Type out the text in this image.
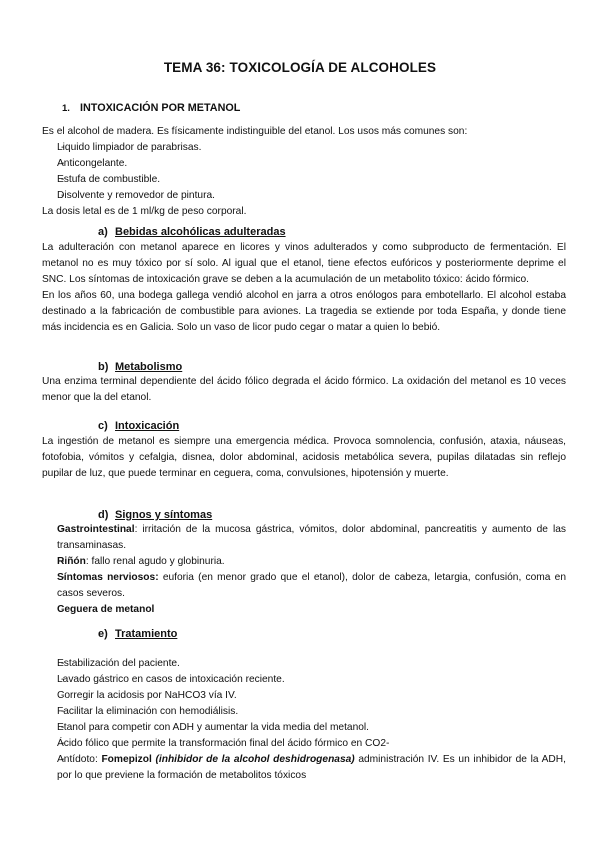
TEMA 36: TOXICOLOGÍA DE ALCOHOLES
1. INTOXICACIÓN POR METANOL
Es el alcohol de madera. Es físicamente indistinguible del etanol. Los usos más comunes son:
- Liquido limpiador de parabrisas.
- Anticongelante.
- Estufa de combustible.
- Disolvente y removedor de pintura.
La dosis letal es de 1 ml/kg de peso corporal.
a) Bebidas alcohólicas adulteradas
La adulteración con metanol aparece en licores y vinos adulterados y como subproducto de fermentación. El metanol no es muy tóxico por sí solo. Al igual que el etanol, tiene efectos eufóricos y posteriormente deprime el SNC. Los síntomas de intoxicación grave se deben a la acumulación de un metabolito tóxico: ácido fórmico.
En los años 60, una bodega gallega vendió alcohol en jarra a otros enólogos para embotellarlo. El alcohol estaba destinado a la fabricación de combustible para aviones. La tragedia se extiende por toda España, y donde tiene más incidencia es en Galicia. Solo un vaso de licor pudo cegar o matar a quien lo bebió.
b) Metabolismo
Una enzima terminal dependiente del ácido fólico degrada el ácido fórmico. La oxidación del metanol es 10 veces menor que la del etanol.
c) Intoxicación
La ingestión de metanol es siempre una emergencia médica. Provoca somnolencia, confusión, ataxia, náuseas, fotofobia, vómitos y cefalgia, disnea, dolor abdominal, acidosis metabólica severa, pupilas dilatadas sin reflejo pupilar de luz, que puede terminar en ceguera, coma, convulsiones, hipotensión y muerte.
d) Signos y síntomas
- Gastrointestinal: irritación de la mucosa gástrica, vómitos, dolor abdominal, pancreatitis y aumento de las transaminasas.
- Riñón: fallo renal agudo y globinuria.
- Síntomas nerviosos: euforia (en menor grado que el etanol), dolor de cabeza, letargia, confusión, coma en casos severos.
- Ceguera de metanol
e) Tratamiento
- Estabilización del paciente.
- Lavado gástrico en casos de intoxicación reciente.
- Corregir la acidosis por NaHCO3 vía IV.
- Facilitar la eliminación con hemodiálisis.
- Etanol para competir con ADH y aumentar la vida media del metanol.
- Ácido fólico que permite la transformación final del ácido fórmico en CO2-
- Antídoto: Fomepizol (inhibidor de la alcohol deshidrogenasa) administración IV. Es un inhibidor de la ADH, por lo que previene la formación de metabolitos tóxicos
